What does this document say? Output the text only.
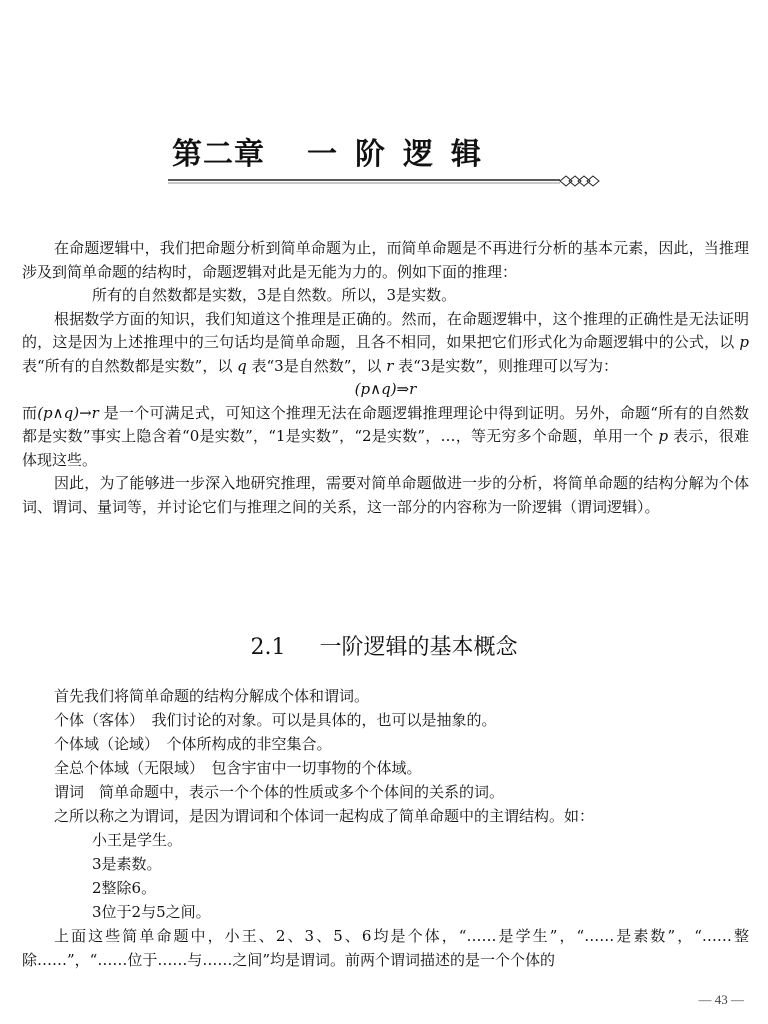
第二章 一阶逻辑

在命题逻辑中，我们把命题分析到简单命题为止，而简单命题是不再进行分析的基本元素，因此，当推理涉及到简单命题的结构时，命题逻辑对此是无能为力的。例如下面的推理：

所有的自然数都是实数，3是自然数。所以，3是实数。

根据数学方面的知识，我们知道这个推理是正确的。然而，在命题逻辑中，这个推理的正确性是无法证明的，这是因为上述推理中的三句话均是简单命题，且各不相同，如果把它们形式化为命题逻辑中的公式，以 p 表“所有的自然数都是实数”，以 q 表“3是自然数”，以 r 表“3是实数”，则推理可以写为：

(p∧q)⇒r

而(p∧q)→r 是一个可满足式，可知这个推理无法在命题逻辑推理理论中得到证明。另外，命题“所有的自然数都是实数”事实上隐含着“0是实数”，“1是实数”，“2是实数”，…，等无穷多个命题，单用一个 p 表示，很难体现这些。

因此，为了能够进一步深入地研究推理，需要对简单命题做进一步的分析，将简单命题的结构分解为个体词、谓词、量词等，并讨论它们与推理之间的关系，这一部分的内容称为一阶逻辑（谓词逻辑）。

2.1 一阶逻辑的基本概念

首先我们将简单命题的结构分解成个体和谓词。

个体（客体）　我们讨论的对象。可以是具体的，也可以是抽象的。

个体域（论域）　个体所构成的非空集合。

全总个体域（无限域）　包含宇宙中一切事物的个体域。

谓词　简单命题中，表示一个个体的性质或多个个体间的关系的词。

之所以称之为谓词，是因为谓词和个体词一起构成了简单命题中的主谓结构。如：

小王是学生。

3是素数。

2整除6。

3位于2与5之间。

上面这些简单命题中，小王、2、3、5、6均是个体，“……是学生”，“……是素数”，“……整除……”，“……位于……与……之间”均是谓词。前两个谓词描述的是一个个体的

— 43 —
